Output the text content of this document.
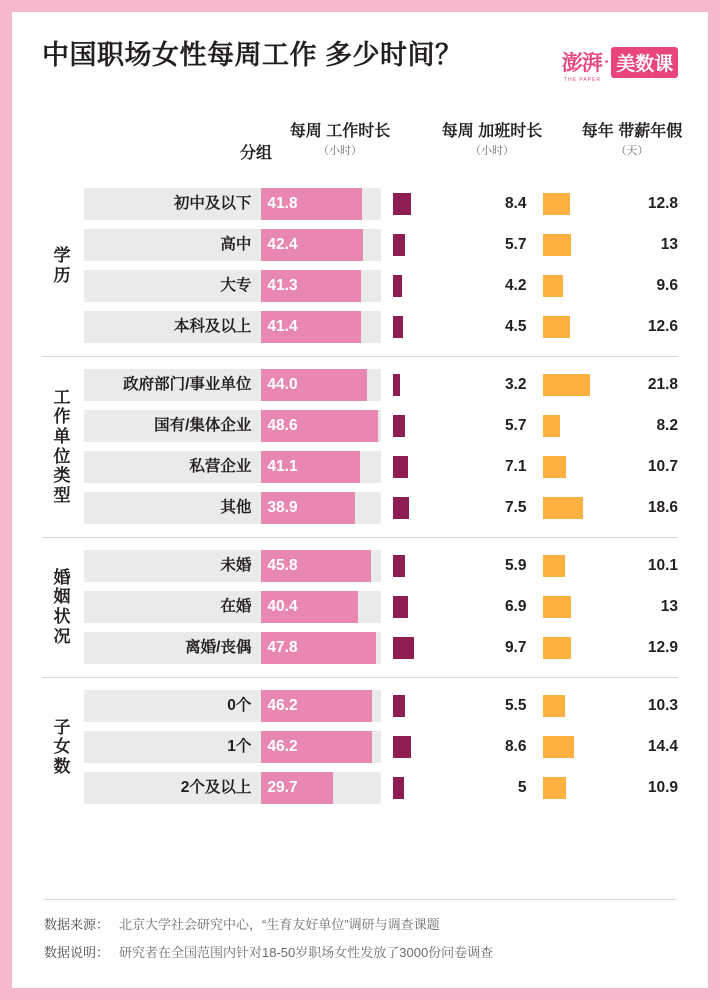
中国职场女性每周工作 多少时间？	澎湃 • 美数课
THE PAPER
分组
每周 工作时长
（小时）
每周 加班时长
（小时）
每年 带薪年假
（天）
学
历
初中及以下	41.8	8.4	12.8
高中	42.4	5.7	13
大专	41.3	4.2	9.6
本科及以上	41.4	4.5	12.6
工
作
单
位
类
型
政府部门/事业单位	44.0	3.2	21.8
国有/集体企业	48.6	5.7	8.2
私营企业	41.1	7.1	10.7
其他	38.9	7.5	18.6
婚
姻
状
况
未婚	45.8	5.9	10.1
在婚	40.4	6.9	13
离婚/丧偶	47.8	9.7	12.9
子
女
数
0个	46.2	5.5	10.3
1个	46.2	8.6	14.4
2个及以上	29.7	5	10.9
数据来源： 北京大学社会研究中心，“生育友好单位”调研与调查课题
数据说明： 研究者在全国范围内针对18-50岁职场女性发放了3000份问卷调查
